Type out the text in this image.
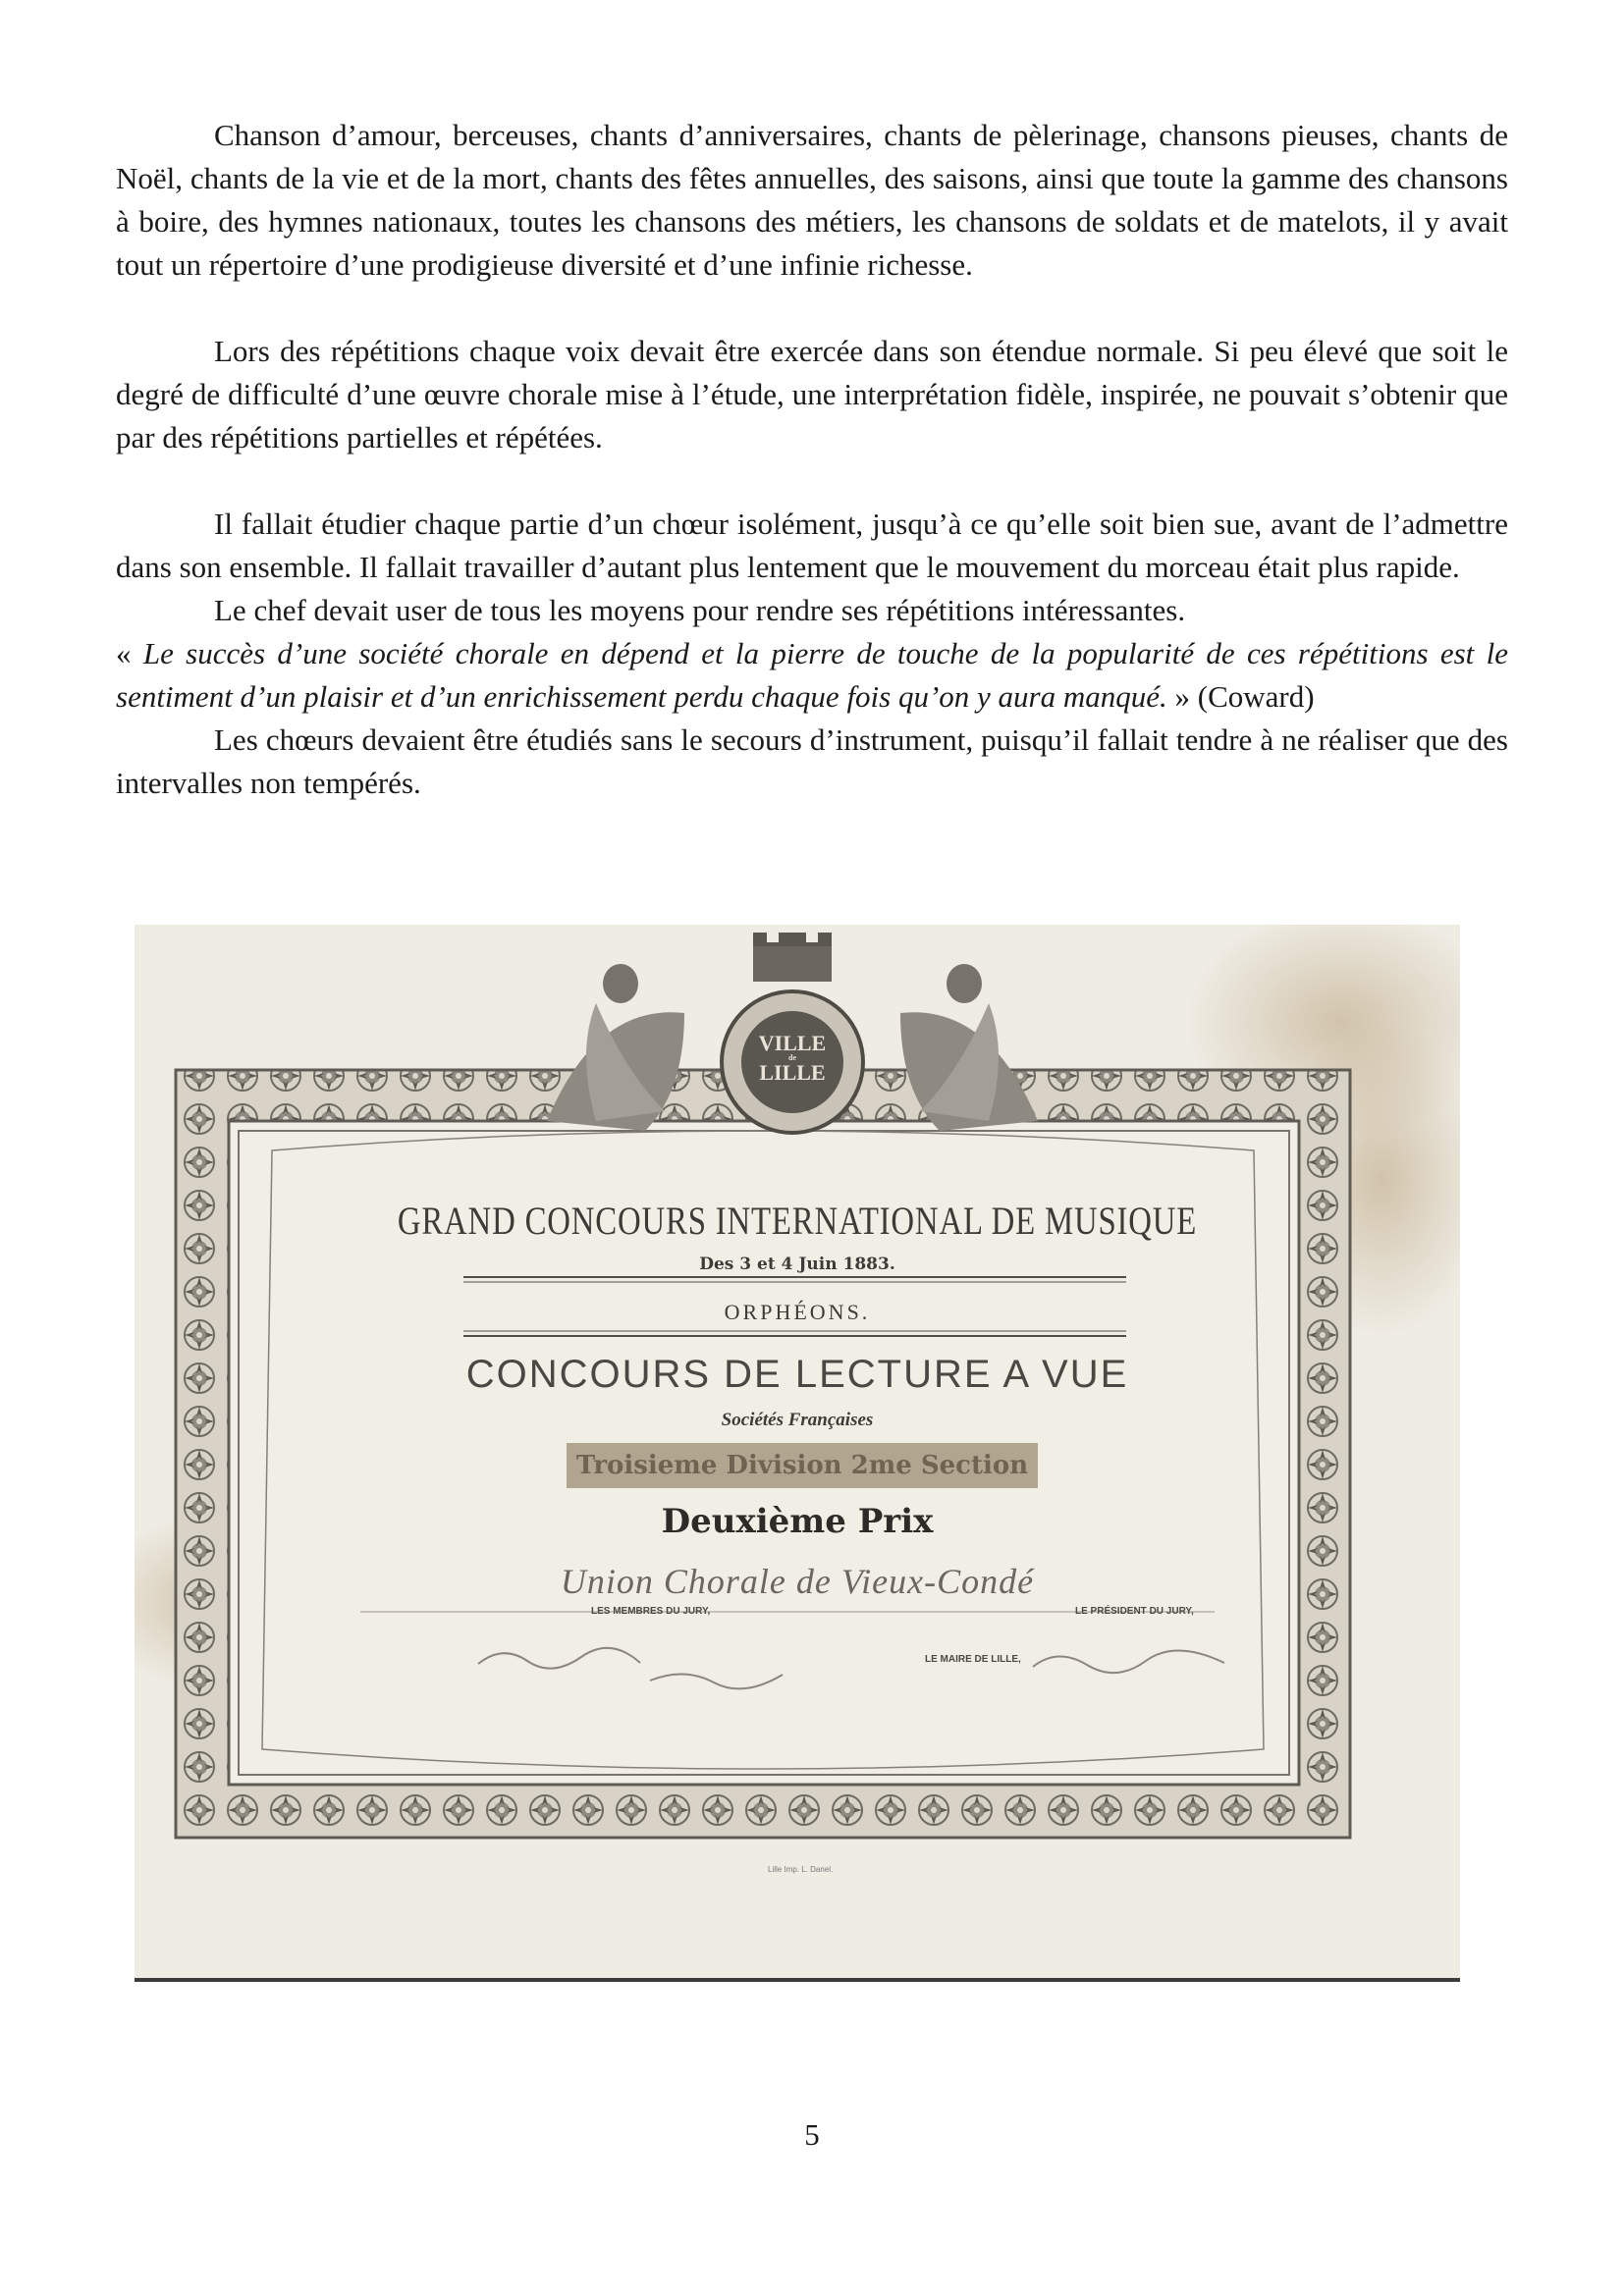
Chanson d’amour, berceuses, chants d’anniversaires, chants de pèlerinage, chansons pieuses, chants de Noël, chants de la vie et de la mort, chants des fêtes annuelles, des saisons, ainsi que toute la gamme des chansons à boire, des hymnes nationaux, toutes les chansons des métiers, les chansons de soldats et de matelots, il y avait tout un répertoire d’une prodigieuse diversité et d’une infinie richesse.

Lors des répétitions chaque voix devait être exercée dans son étendue normale. Si peu élevé que soit le degré de difficulté d’une œuvre chorale mise à l’étude, une interprétation fidèle, inspirée, ne pouvait s’obtenir que par des répétitions partielles et répétées.

Il fallait étudier chaque partie d’un chœur isolément, jusqu’à ce qu’elle soit bien sue, avant de l’admettre dans son ensemble. Il fallait travailler d’autant plus lentement que le mouvement du morceau était plus rapide.

Le chef devait user de tous les moyens pour rendre ses répétitions intéressantes.

« Le succès d’une société chorale en dépend et la pierre de touche de la popularité de ces répétitions est le sentiment d’un plaisir et d’un enrichissement perdu chaque fois qu’on y aura manqué. » (Coward)

Les chœurs devaient être étudiés sans le secours d’instrument, puisqu’il fallait tendre à ne réaliser que des intervalles non tempérés.

VILLE
de
LILLE
GRAND CONCOURS INTERNATIONAL DE MUSIQUE
Des 3 et 4 Juin 1883.
ORPHÉONS.
CONCOURS DE LECTURE A VUE
Sociétés Françaises
Troisieme Division 2me Section
Deuxième Prix
Union Chorale de Vieux-Condé
LES MEMBRES DU JURY,	LE PRÉSIDENT DU JURY,
LE MAIRE DE LILLE,
Lille Imp. L. Danel.
5
